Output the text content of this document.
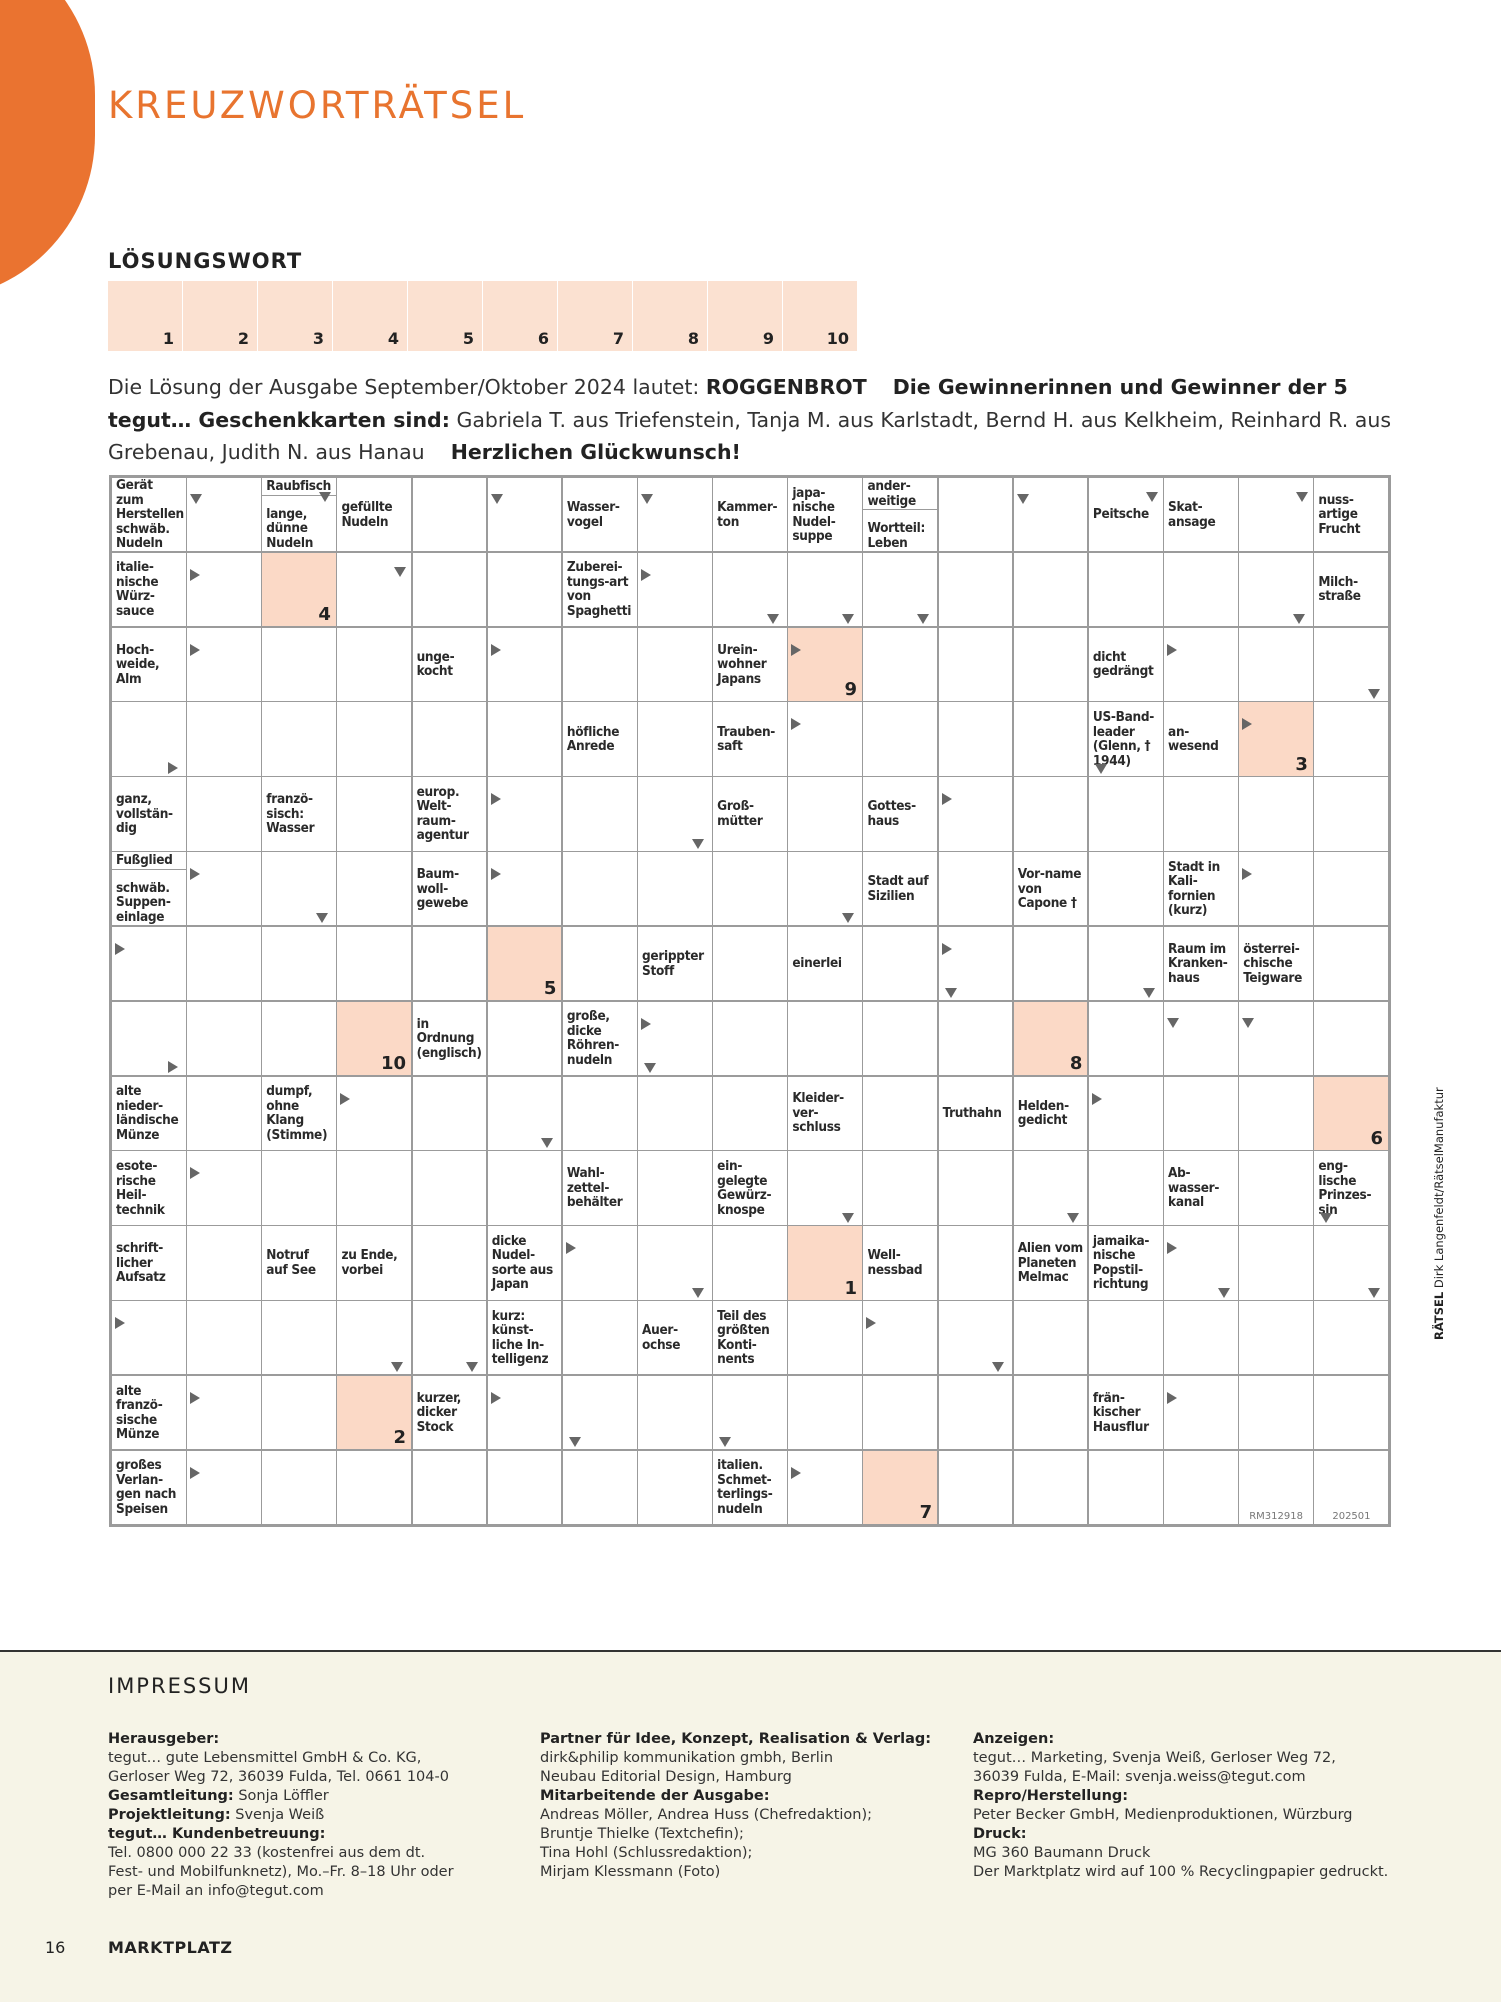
KREUZWORTRÄTSEL
LÖSUNGSWORT
1	2	3	4	5	6	7	8	9	10
Die Lösung der Ausgabe September/Oktober 2024 lautet: ROGGENBROT Die Gewinnerinnen und Gewinner der 5 tegut… Geschenkkarten sind: Gabriela T. aus Triefenstein, Tanja M. aus Karlstadt, Bernd H. aus Kelkheim, Reinhard R. aus Grebenau, Judith N. aus Hanau Herzlichen Glückwunsch!
Gerät zum Herstellen schwäb. Nudeln
Raubfisch
lange, dünne Nudeln
gefüllte Nudeln
Wasser-vogel
Kammer-ton
japa-nische Nudel-suppe
ander-weitige
Wortteil: Leben
Peitsche	Skat-ansage
nuss-artige Frucht
italie-nische Würz-sauce	4
Zuberei-tungs-art von Spaghetti
Milch-straße
Hoch-weide, Alm
unge-kocht
Urein-wohner Japans
9
dicht gedrängt
höfliche Anrede
Trauben-saft
US-Band-leader (Glenn, † 1944)
an-wesend
3
ganz, vollstän-dig
franzö-sisch: Wasser
europ. Welt-raum-agentur
Groß-mütter
Gottes-haus
Fußglied
schwäb. Suppen-einlage
Baum-woll-gewebe
Stadt auf Sizilien
Vor-name von Capone †
Stadt in Kali-fornien (kurz)
5
gerippter Stoff	einerlei
Raum im Kranken-haus
österrei-chische Teigware
10
in Ordnung (englisch)
große, dicke Röhren-nudeln	8
alte nieder-ländische Münze
dumpf, ohne Klang (Stimme)
Kleider-ver-schluss
Truthahn	Helden-gedicht
6
esote-rische Heil-technik
Wahl-zettel-behälter
ein-gelegte Gewürz-knospe
Ab-wasser-kanal
eng-lische Prinzes-sin
schrift-licher Aufsatz
Notruf auf See
zu Ende, vorbei
dicke Nudel-sorte aus Japan	1
Well-nessbad
Alien vom Planeten Melmac
jamaika-nische Popstil-richtung
kurz: künst-liche In-telligenz
Auer-ochse
Teil des größten Konti-nents
alte franzö-sische Münze	2
kurzer, dicker Stock
frän-kischer Hausflur
großes Verlan-gen nach Speisen
italien. Schmet-terlings-nudeln	7	RM312918	202501
RÄTSEL Dirk Langenfeldt/RätselManufaktur
IMPRESSUM
Herausgeber:
tegut… gute Lebensmittel GmbH & Co. KG,
Gerloser Weg 72, 36039 Fulda, Tel. 0661 104-0
Gesamtleitung: Sonja Löffler
Projektleitung: Svenja Weiß
tegut… Kundenbetreuung:
Tel. 0800 000 22 33 (kostenfrei aus dem dt.
Fest- und Mobilfunknetz), Mo.–Fr. 8–18 Uhr oder
per E-Mail an info@tegut.com
Partner für Idee, Konzept, Realisation & Verlag:
dirk&philip kommunikation gmbh, Berlin
Neubau Editorial Design, Hamburg
Mitarbeitende der Ausgabe:
Andreas Möller, Andrea Huss (Chefredaktion);
Bruntje Thielke (Textchefin);
Tina Hohl (Schlussredaktion);
Mirjam Klessmann (Foto)
Anzeigen:
tegut… Marketing, Svenja Weiß, Gerloser Weg 72,
36039 Fulda, E-Mail: svenja.weiss@tegut.com
Repro/Herstellung:
Peter Becker GmbH, Medienproduktionen, Würzburg
Druck:
MG 360 Baumann Druck
Der Marktplatz wird auf 100 % Recyclingpapier gedruckt.
16	MARKTPLATZ
